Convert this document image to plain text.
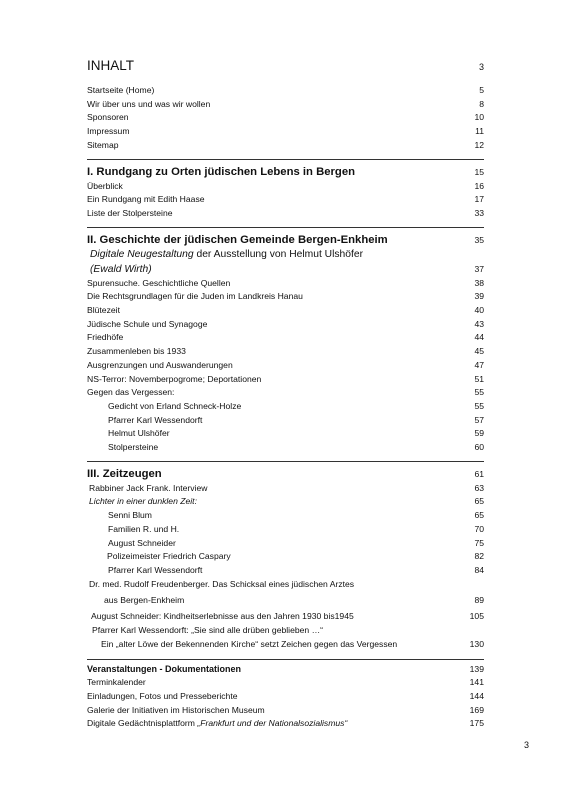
INHALT	3
Startseite (Home)	5
Wir über uns und was wir wollen	8
Sponsoren	10
Impressum	11
Sitemap	12
I. Rundgang zu Orten jüdischen Lebens in Bergen	15
Überblick	16
Ein Rundgang mit Edith Haase	17
Liste der Stolpersteine	33
II. Geschichte der jüdischen Gemeinde Bergen-Enkheim	35
Digitale Neugestaltung der Ausstellung von Helmut Ulshöfer
(Ewald Wirth)	37
Spurensuche. Geschichtliche Quellen	38
Die Rechtsgrundlagen für die Juden im Landkreis Hanau	39
Blütezeit	40
Jüdische Schule und Synagoge	43
Friedhöfe	44
Zusammenleben bis 1933	45
Ausgrenzungen und Auswanderungen	47
NS-Terror: Novemberpogrome; Deportationen	51
Gegen das Vergessen:	55
Gedicht von Erland Schneck-Holze	55
Pfarrer Karl Wessendorft	57
Helmut Ulshöfer	59
Stolpersteine	60
III. Zeitzeugen	61
Rabbiner Jack Frank. Interview	63
Lichter in einer dunklen Zeit:	65
Senni Blum	65
Familien R. und H.	70
August Schneider	75
Polizeimeister Friedrich Caspary	82
Pfarrer Karl Wessendorft	84
Dr. med. Rudolf Freudenberger. Das Schicksal eines jüdischen Arztes
aus Bergen-Enkheim	89
August Schneider: Kindheitserlebnisse aus den Jahren 1930 bis1945	105
Pfarrer Karl Wessendorft: „Sie sind alle drüben geblieben …“
Ein „alter Löwe der Bekennenden Kirche“ setzt Zeichen gegen das Vergessen	130
Veranstaltungen - Dokumentationen	139
Terminkalender	141
Einladungen, Fotos und Presseberichte	144
Galerie der Initiativen im Historischen Museum	169
Digitale Gedächtnisplattform „Frankfurt und der Nationalsozialismus“	175
3
